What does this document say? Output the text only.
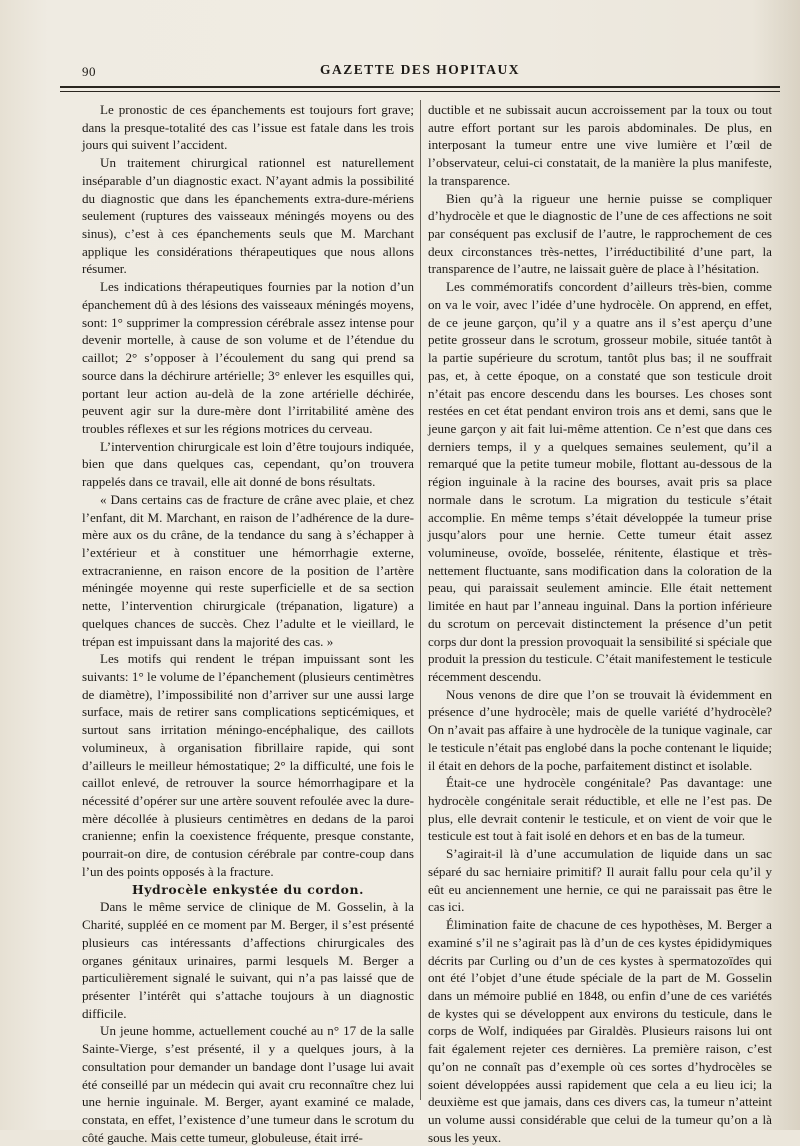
90	GAZETTE DES HOPITAUX

Le pronostic de ces épanchements est toujours fort grave; dans la presque-totalité des cas l’issue est fatale dans les trois jours qui suivent l’accident.

Un traitement chirurgical rationnel est naturellement inséparable d’un diagnostic exact. N’ayant admis la possibilité du diagnostic que dans les épanchements extra-dure-mériens seulement (ruptures des vaisseaux méningés moyens ou des sinus), c’est à ces épanchements seuls que M. Marchant applique les considérations thérapeutiques que nous allons résumer.

Les indications thérapeutiques fournies par la notion d’un épanchement dû à des lésions des vaisseaux méningés moyens, sont: 1° supprimer la compression cérébrale assez intense pour devenir mortelle, à cause de son volume et de l’étendue du caillot; 2° s’opposer à l’écoulement du sang qui prend sa source dans la déchirure artérielle; 3° enlever les esquilles qui, portant leur action au-delà de la zone artérielle déchirée, peuvent agir sur la dure-mère dont l’irritabilité amène des troubles réflexes et sur les régions motrices du cerveau.

L’intervention chirurgicale est loin d’être toujours indiquée, bien que dans quelques cas, cependant, qu’on trouvera rappelés dans ce travail, elle ait donné de bons résultats.

« Dans certains cas de fracture de crâne avec plaie, et chez l’enfant, dit M. Marchant, en raison de l’adhérence de la dure-mère aux os du crâne, de la tendance du sang à s’échapper à l’extérieur et à constituer une hémorrhagie externe, extracranienne, en raison encore de la position de l’artère méningée moyenne qui reste superficielle et de sa section nette, l’intervention chirurgicale (trépanation, ligature) a quelques chances de succès. Chez l’adulte et le vieillard, le trépan est impuissant dans la majorité des cas. »

Les motifs qui rendent le trépan impuissant sont les suivants: 1° le volume de l’épanchement (plusieurs centimètres de diamètre), l’impossibilité non d’arriver sur une aussi large surface, mais de retirer sans complications septicémiques, et surtout sans irritation méningo-encéphalique, des caillots volumineux, à organisation fibrillaire rapide, qui sont d’ailleurs le meilleur hémostatique; 2° la difficulté, une fois le caillot enlevé, de retrouver la source hémorrhagipare et la nécessité d’opérer sur une artère souvent refoulée avec la dure-mère décollée à plusieurs centimètres en dedans de la paroi cranienne; enfin la coexistence fréquente, presque constante, pourrait-on dire, de contusion cérébrale par contre-coup dans l’un des points opposés à la fracture.

Hydrocèle enkystée du cordon.

Dans le même service de clinique de M. Gosselin, à la Charité, suppléé en ce moment par M. Berger, il s’est présenté plusieurs cas intéressants d’affections chirurgicales des organes génitaux urinaires, parmi lesquels M. Berger a particulièrement signalé le suivant, qui n’a pas laissé que de présenter l’intérêt qui s’attache toujours à un diagnostic difficile.

Un jeune homme, actuellement couché au n° 17 de la salle Sainte-Vierge, s’est présenté, il y a quelques jours, à la consultation pour demander un bandage dont l’usage lui avait été conseillé par un médecin qui avait cru reconnaître chez lui une hernie inguinale. M. Berger, ayant examiné ce malade, constata, en effet, l’existence d’une tumeur dans le scrotum du côté gauche. Mais cette tumeur, globuleuse, était irré-

ductible et ne subissait aucun accroissement par la toux ou tout autre effort portant sur les parois abdominales. De plus, en interposant la tumeur entre une vive lumière et l’œil de l’observateur, celui-ci constatait, de la manière la plus manifeste, la transparence.

Bien qu’à la rigueur une hernie puisse se compliquer d’hydrocèle et que le diagnostic de l’une de ces affections ne soit par conséquent pas exclusif de l’autre, le rapprochement de ces deux circonstances très-nettes, l’irréductibilité d’une part, la transparence de l’autre, ne laissait guère de place à l’hésitation.

Les commémoratifs concordent d’ailleurs très-bien, comme on va le voir, avec l’idée d’une hydrocèle. On apprend, en effet, de ce jeune garçon, qu’il y a quatre ans il s’est aperçu d’une petite grosseur dans le scrotum, grosseur mobile, située tantôt à la partie supérieure du scrotum, tantôt plus bas; il ne souffrait pas, et, à cette époque, on a constaté que son testicule droit n’était pas encore descendu dans les bourses. Les choses sont restées en cet état pendant environ trois ans et demi, sans que le jeune garçon y ait fait lui-même attention. Ce n’est que dans ces derniers temps, il y a quelques semaines seulement, qu’il a remarqué que la petite tumeur mobile, flottant au-dessous de la région inguinale à la racine des bourses, avait pris sa place normale dans le scrotum. La migration du testicule s’était accomplie. En même temps s’était développée la tumeur prise jusqu’alors pour une hernie. Cette tumeur était assez volumineuse, ovoïde, bosselée, rénitente, élastique et très-nettement fluctuante, sans modification dans la coloration de la peau, qui paraissait seulement amincie. Elle était nettement limitée en haut par l’anneau inguinal. Dans la portion inférieure du scrotum on percevait distinctement la présence d’un petit corps dur dont la pression provoquait la sensibilité si spéciale que produit la pression du testicule. C’était manifestement le testicule récemment descendu.

Nous venons de dire que l’on se trouvait là évidemment en présence d’une hydrocèle; mais de quelle variété d’hydrocèle? On n’avait pas affaire à une hydrocèle de la tunique vaginale, car le testicule n’était pas englobé dans la poche contenant le liquide; il était en dehors de la poche, parfaitement distinct et isolable.

Était-ce une hydrocèle congénitale? Pas davantage: une hydrocèle congénitale serait réductible, et elle ne l’est pas. De plus, elle devrait contenir le testicule, et on vient de voir que le testicule est tout à fait isolé en dehors et en bas de la tumeur.

S’agirait-il là d’une accumulation de liquide dans un sac séparé du sac herniaire primitif? Il aurait fallu pour cela qu’il y eût eu anciennement une hernie, ce qui ne paraissait pas être le cas ici.

Élimination faite de chacune de ces hypothèses, M. Berger a examiné s’il ne s’agirait pas là d’un de ces kystes épididymiques décrits par Curling ou d’un de ces kystes à spermatozoïdes qui ont été l’objet d’une étude spéciale de la part de M. Gosselin dans un mémoire publié en 1848, ou enfin d’une de ces variétés de kystes qui se développent aux environs du testicule, dans le corps de Wolf, indiquées par Giraldès. Plusieurs raisons lui ont fait également rejeter ces dernières. La première raison, c’est qu’on ne connaît pas d’exemple où ces sortes d’hydrocèles se soient développées aussi rapidement que cela a eu lieu ici; la deuxième est que jamais, dans ces divers cas, la tumeur n’atteint un volume aussi considérable que celui de la tumeur qu’on a là sous les yeux.
